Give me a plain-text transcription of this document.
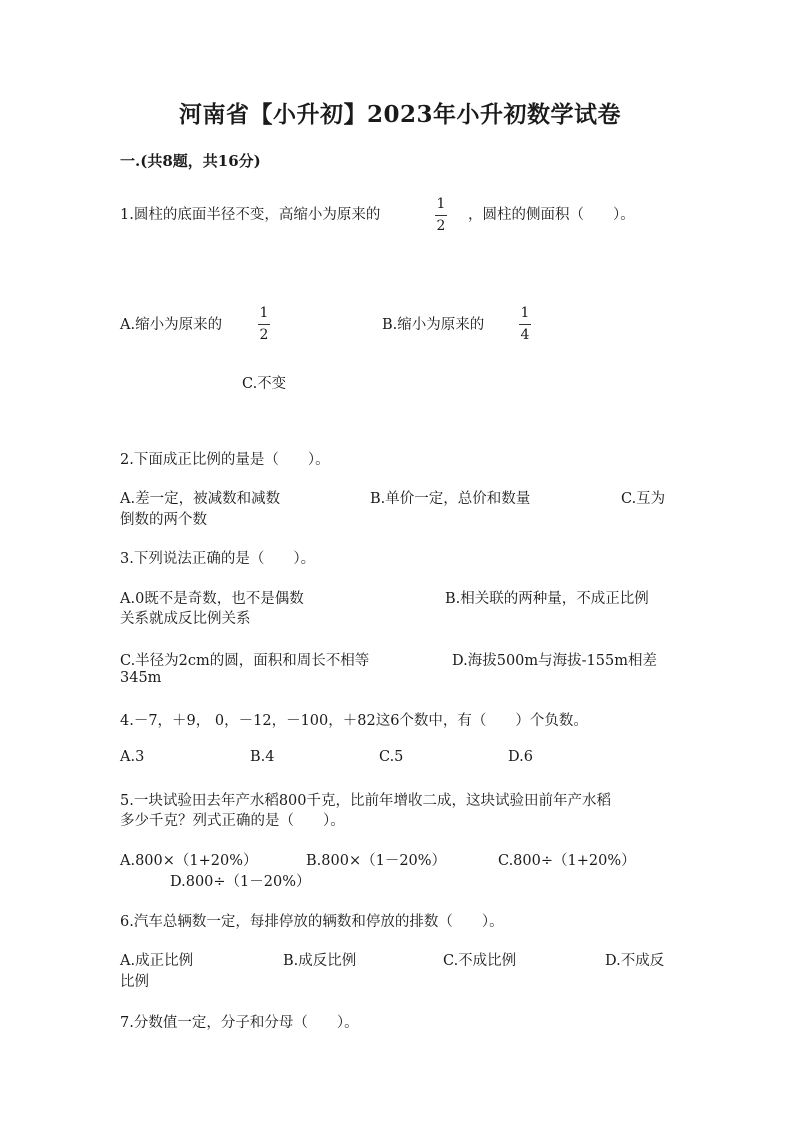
河南省【小升初】2023年小升初数学试卷
一.(共8题，共16分)
1.圆柱的底面半径不变，高缩小为原来的
1
2
，圆柱的侧面积（　　）。
A.缩小为原来的
1
2
B.缩小为原来的
1
4
C.不变
2.下面成正比例的量是（　　）。
A.差一定，被减数和减数	B.单价一定，总价和数量	C.互为
倒数的两个数
3.下列说法正确的是（　　）。
A.0既不是奇数，也不是偶数	B.相关联的两种量，不成正比例
关系就成反比例关系
C.半径为2cm的圆，面积和周长不相等	D.海拔500m与海拔-155m相差
345m
4.－7，＋9， 0，－12，－100，＋82这6个数中，有（　　）个负数。
A.3	B.4	C.5	D.6
5.一块试验田去年产水稻800千克，比前年增收二成，这块试验田前年产水稻
多少千克？列式正确的是（　　）。
A.800×（1+20%）	B.800×（1－20%）	C.800÷（1+20%）
D.800÷（1－20%）
6.汽车总辆数一定，每排停放的辆数和停放的排数（　　）。
A.成正比例	B.成反比例	C.不成比例	D.不成反
比例
7.分数值一定，分子和分母（　　）。
